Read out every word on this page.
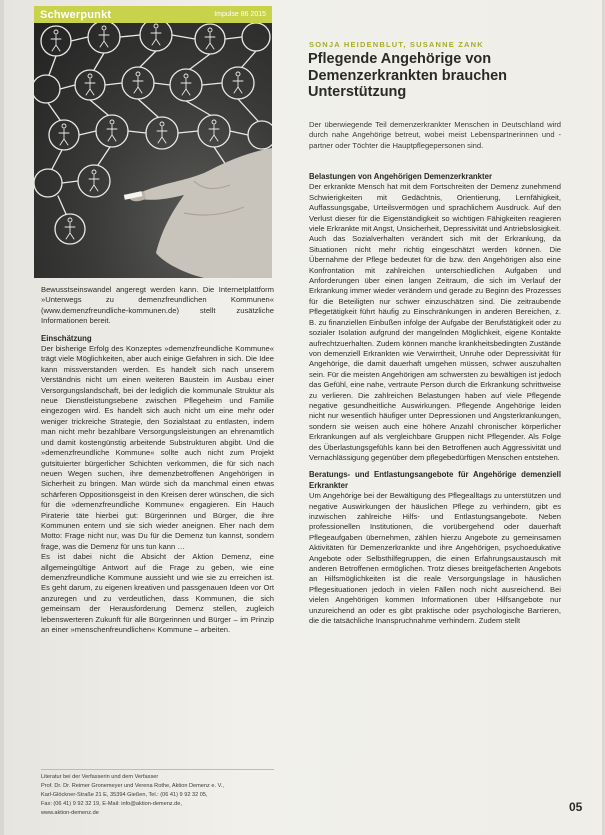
Schwerpunkt	Impulse 86 2015
SONJA HEIDENBLUT, SUSANNE ZANK
Pflegende Angehörige von Demenzerkrankten brauchen Unterstützung

Der überwiegende Teil demenzerkrankter Menschen in Deutschland wird durch nahe Angehörige betreut, wobei meist Lebenspartnerinnen und -partner oder Töchter die Hauptpflegepersonen sind.

Bewusstseinswandel angeregt werden kann. Die Internetplattform »Unterwegs zu demenzfreundlichen Kommunen« (www.demenzfreundliche-kommunen.de) stellt zusätzliche Informationen bereit.

Einschätzung

Der bisherige Erfolg des Konzeptes »demenzfreundliche Kommune« trägt viele Möglichkeiten, aber auch einige Gefahren in sich. Die Idee kann missverstanden werden. Es handelt sich nach unserem Verständnis nicht um einen weiteren Baustein im Ausbau einer Versorgungslandschaft, bei der lediglich die kommunale Struktur als neue Dienstleistungsebene zwischen Pflegeheim und Familie eingezogen wird. Es handelt sich auch nicht um eine mehr oder weniger trickreiche Strategie, den Sozialstaat zu entlasten, indem man nicht mehr bezahlbare Versorgungsleistungen an ehrenamtlich und damit kostengünstig arbeitende Substrukturen abgibt. Und die »demenzfreundliche Kommune« sollte auch nicht zum Projekt gutsituierter bürgerlicher Schichten verkommen, die für sich nach neuen Wegen suchen, ihre demenzbetroffenen Angehörigen in Sicherheit zu bringen. Man würde sich da manchmal einen etwas schärferen Oppositionsgeist in den Kreisen derer wünschen, die sich für die »demenzfreundliche Kommune« engagieren. Ein Hauch Piraterie täte hierbei gut: Bürgerinnen und Bürger, die ihre Kommunen entern und sie sich wieder aneignen. Eher nach dem Motto: Frage nicht nur, was Du für die Demenz tun kannst, sondern frage, was die Demenz für uns tun kann …

Es ist dabei nicht die Absicht der Aktion Demenz, eine allgemeingültige Antwort auf die Frage zu geben, wie eine demenzfreundliche Kommune aussieht und wie sie zu erreichen ist. Es geht darum, zu eigenen kreativen und passgenauen Ideen vor Ort anzuregen und zu verdeutlichen, dass Kommunen, die sich gemeinsam der Herausforderung Demenz stellen, zugleich lebenswerteren Zukunft für alle Bürgerinnen und Bürger – im Prinzip an einer »menschenfreundlichen« Kommune – arbeiten.

Literatur bei der Verfasserin und dem Verfasser
Prof. Dr. Dr. Reimer Gronemeyer und Verena Rothe, Aktion Demenz e. V.,
Karl-Glöckner-Straße 21 E, 35394 Gießen, Tel.: (06 41) 9 92 32 05,
Fax: (06 41) 9 92 32 19, E-Mail: info@aktion-demenz.de,
www.aktion-demenz.de
Belastungen von Angehörigen Demenzerkrankter

Der erkrankte Mensch hat mit dem Fortschreiten der Demenz zunehmend Schwierigkeiten mit Gedächtnis, Orientierung, Lernfähigkeit, Auffassungsgabe, Urteilsvermögen und sprachlichem Ausdruck. Auf den Verlust dieser für die Eigenständigkeit so wichtigen Fähigkeiten reagieren viele Erkrankte mit Angst, Unsicherheit, Depressivität und Antriebslosigkeit. Auch das Sozialverhalten verändert sich mit der Erkrankung, da Situationen nicht mehr richtig eingeschätzt werden können. Die Übernahme der Pflege bedeutet für die bzw. den Angehörigen also eine Konfrontation mit zahlreichen unterschiedlichen Aufgaben und Anforderungen über einen langen Zeitraum, die sich im Verlauf der Erkrankung immer wieder verändern und gerade zu Beginn des Prozesses für die Beteiligten nur schwer einzuschätzen sind. Die zeitraubende Pflegetätigkeit führt häufig zu Einschränkungen in anderen Bereichen, z. B. zu finanziellen Einbußen infolge der Aufgabe der Berufstätigkeit oder zu sozialer Isolation aufgrund der mangelnden Möglichkeit, eigene Kontakte aufrechtzuerhalten. Zudem können manche krankheitsbedingten Zustände von demenziell Erkrankten wie Verwirrtheit, Unruhe oder Depressivität für Angehörige, die damit dauerhaft umgehen müssen, schwer auszuhalten sein. Für die meisten Angehörigen am schwersten zu bewältigen ist jedoch das Gefühl, eine nahe, vertraute Person durch die Erkrankung schrittweise zu verlieren. Die zahlreichen Belastungen haben auf viele Pflegende negative gesundheitliche Auswirkungen. Pflegende Angehörige leiden nicht nur wesentlich häufiger unter Depressionen und Angsterkrankungen, sondern sie weisen auch eine höhere Anzahl chronischer körperlicher Erkrankungen auf als vergleichbare Gruppen nicht Pflegender. Als Folge des Überlastungsgefühls kann bei den Betroffenen auch Aggressivität und Vernachlässigung gegenüber dem pflegebedürftigen Menschen entstehen.

Beratungs- und Entlastungsangebote für Angehörige demenziell Erkrankter

Um Angehörige bei der Bewältigung des Pflegealltags zu unterstützen und negative Auswirkungen der häuslichen Pflege zu verhindern, gibt es inzwischen zahlreiche Hilfs- und Entlastungsangebote. Neben professionellen Institutionen, die vorübergehend oder dauerhaft Pflegeaufgaben übernehmen, zählen hierzu Angebote zu gemeinsamen Aktivitäten für Demenzerkrankte und ihre Angehörigen, psychoedukative Angebote oder Selbsthilfegruppen, die einen Erfahrungsaustausch mit anderen Betroffenen ermöglichen. Trotz dieses breitgefächerten Angebots an Hilfsmöglichkeiten ist die reale Versorgungslage in häuslichen Pflegesituationen jedoch in vielen Fällen noch nicht ausreichend. Bei vielen Angehörigen kommen Informationen über Hilfsangebote nur unzureichend an oder es gibt praktische oder psychologische Barrieren, die die tatsächliche Inanspruchnahme verhindern. Zudem stellt

05
